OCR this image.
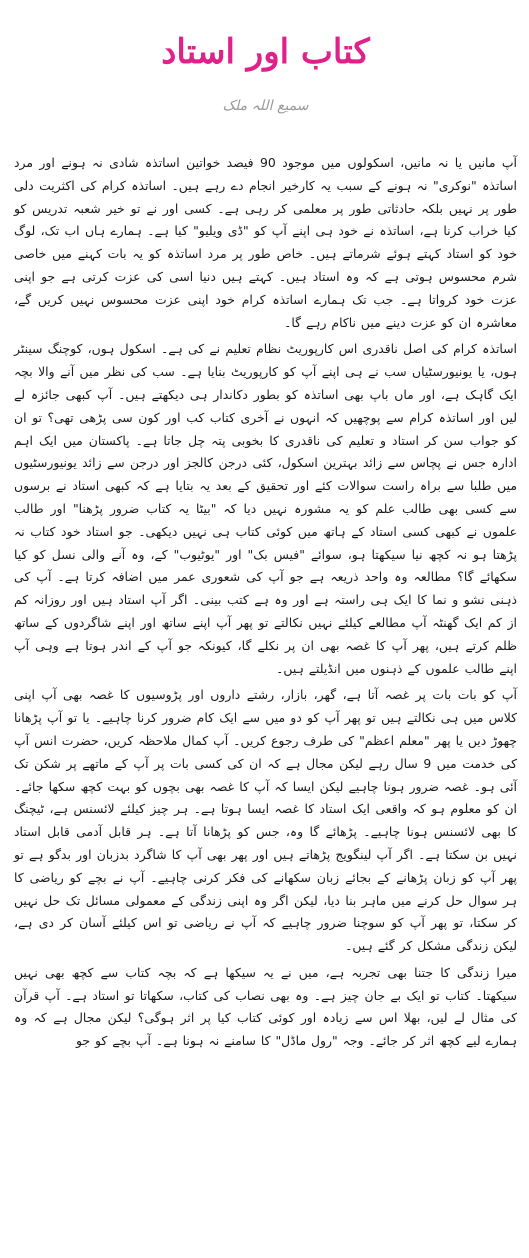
کتاب اور استاد
سمیع اللہ ملک

آپ مانیں یا نہ مانیں، اسکولوں میں موجود 90 فیصد خواتین اساتذہ شادی نہ ہونے اور مرد اساتذہ "نوکری" نہ ہونے کے سبب یہ کارخیر انجام دے رہے ہیں۔ اساتذہ کرام کی اکثریت دلی طور پر نہیں بلکہ حادثاتی طور پر معلمی کر رہی ہے۔ کسی اور نے تو خیر شعبہ تدریس کو کیا خراب کرنا ہے، اساتذہ نے خود ہی اپنے آپ کو "ڈی ویلیو" کیا ہے۔ ہمارے ہاں اب تک، لوگ خود کو استاد کہتے ہوئے شرماتے ہیں۔ خاص طور پر مرد اساتذہ کو یہ بات کہنے میں خاصی شرم محسوس ہوتی ہے کہ وہ استاد ہیں۔ کہتے ہیں دنیا اسی کی عزت کرتی ہے جو اپنی عزت خود کرواتا ہے۔ جب تک ہمارے اساتذہ کرام خود اپنی عزت محسوس نہیں کریں گے، معاشرہ ان کو عزت دینے میں ناکام رہے گا۔

اساتذہ کرام کی اصل ناقدری اس کارپوریٹ نظام تعلیم نے کی ہے۔ اسکول ہوں، کوچنگ سینٹر ہوں، یا یونیورسٹیاں سب نے ہی اپنے آپ کو کارپوریٹ بنایا ہے۔ سب کی نظر میں آنے والا بچہ ایک گاہک ہے، اور ماں باپ بھی اساتذہ کو بطور دکاندار ہی دیکھتے ہیں۔ آپ کبھی جائزہ لے لیں اور اساتذہ کرام سے پوچھیں کہ انہوں نے آخری کتاب کب اور کون سی پڑھی تھی؟ تو ان کو جواب سن کر استاد و تعلیم کی ناقدری کا بخوبی پتہ چل جاتا ہے۔ پاکستان میں ایک اہم ادارہ جس نے پچاس سے زائد بہترین اسکول، کئی درجن کالجز اور درجن سے زائد یونیورسٹیوں میں طلبا سے براہ راست سوالات کئے اور تحقیق کے بعد یہ بتایا ہے کہ کبھی استاد نے برسوں سے کسی بھی طالب علم کو یہ مشورہ نہیں دیا کہ "بیٹا یہ کتاب ضرور پڑھنا" اور طالب علموں نے کبھی کسی استاد کے ہاتھ میں کوئی کتاب ہی نہیں دیکھی۔ جو استاد خود کتاب نہ پڑھتا ہو نہ کچھ نیا سیکھتا ہو، سوائے "فیس بک" اور "یوٹیوب" کے، وہ آنے والی نسل کو کیا سکھائے گا؟ مطالعہ وہ واحد ذریعہ ہے جو آپ کی شعوری عمر میں اضافہ کرتا ہے۔ آپ کی ذہنی نشو و نما کا ایک ہی راستہ ہے اور وہ ہے کتب بینی۔ اگر آپ استاد ہیں اور روزانہ کم از کم ایک گھنٹہ آپ مطالعے کیلئے نہیں نکالتے تو پھر آپ اپنے ساتھ اور اپنے شاگردوں کے ساتھ ظلم کرتے ہیں، پھر آپ کا غصہ بھی ان پر نکلے گا، کیونکہ جو آپ کے اندر ہوتا ہے وہی آپ اپنے طالب علموں کے ذہنوں میں انڈیلتے ہیں۔

آپ کو بات بات پر غصہ آتا ہے، گھر، بازار، رشتے داروں اور پڑوسیوں کا غصہ بھی آپ اپنی کلاس میں ہی نکالتے ہیں تو پھر آپ کو دو میں سے ایک کام ضرور کرنا چاہیے۔ یا تو آپ پڑھانا چھوڑ دیں یا پھر "معلم اعظم" کی طرف رجوع کریں۔ آپ کمال ملاحظہ کریں، حضرت انس آپ کی خدمت میں 9 سال رہے لیکن مجال ہے کہ ان کی کسی بات پر آپ کے ماتھے پر شکن تک آئی ہو۔ غصہ ضرور ہونا چاہیے لیکن ایسا کہ آپ کا غصہ بھی بچوں کو بہت کچھ سکھا جائے۔ ان کو معلوم ہو کہ واقعی ایک استاد کا غصہ ایسا ہوتا ہے۔ ہر چیز کیلئے لائسنس ہے، ٹیچنگ کا بھی لائسنس ہونا چاہیے۔ پڑھائے گا وہ، جس کو پڑھانا آتا ہے۔ ہر قابل آدمی قابل استاد نہیں بن سکتا ہے۔ اگر آپ لینگویج پڑھاتے ہیں اور پھر بھی آپ کا شاگرد بدزبان اور بدگو ہے تو پھر آپ کو زبان پڑھانے کے بجائے زبان سکھانے کی فکر کرنی چاہیے۔ آپ نے بچے کو ریاضی کا ہر سوال حل کرنے میں ماہر بنا دیا، لیکن اگر وہ اپنی زندگی کے معمولی مسائل تک حل نہیں کر سکتا، تو پھر آپ کو سوچنا ضرور چاہیے کہ آپ نے ریاضی تو اس کیلئے آسان کر دی ہے، لیکن زندگی مشکل کر گئے ہیں۔

میرا زندگی کا جتنا بھی تجربہ ہے، میں نے یہ سیکھا ہے کہ بچہ کتاب سے کچھ بھی نہیں سیکھتا۔ کتاب تو ایک بے جان چیز ہے۔ وہ بھی نصاب کی کتاب، سکھاتا تو استاد ہے۔ آپ قرآن کی مثال لے لیں، بھلا اس سے زیادہ اور کوئی کتاب کیا پر اثر ہوگی؟ لیکن مجال ہے کہ وہ ہمارے لیے کچھ اثر کر جائے۔ وجہ "رول ماڈل" کا سامنے نہ ہونا ہے۔ آپ بچے کو جو
